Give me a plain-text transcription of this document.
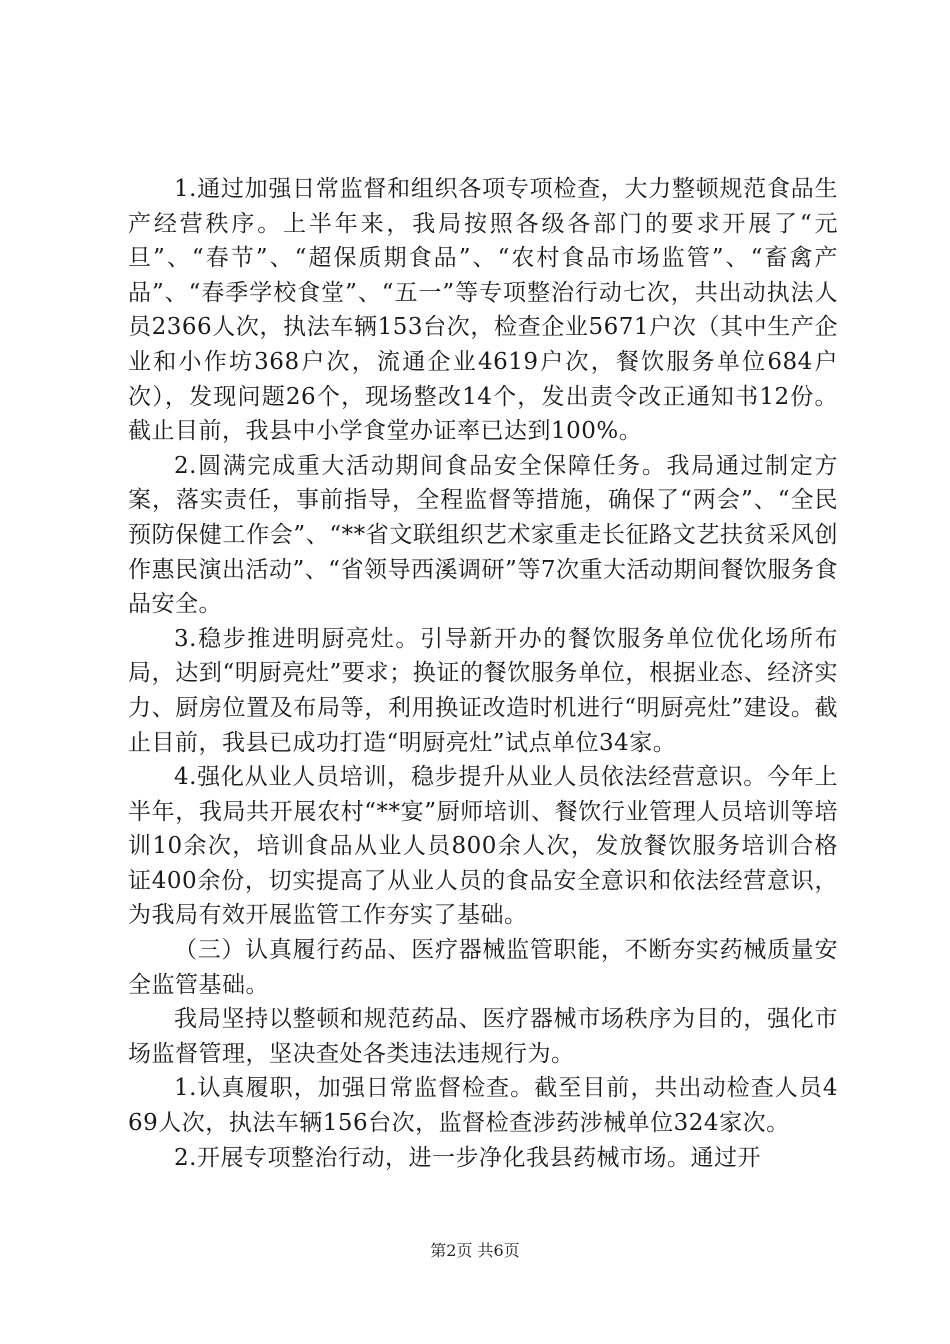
1.通过加强日常监督和组织各项专项检查，大力整顿规范食品生产经营秩序。上半年来，我局按照各级各部门的要求开展了“元旦”、“春节”、“超保质期食品”、“农村食品市场监管”、“畜禽产品”、“春季学校食堂”、“五一”等专项整治行动七次，共出动执法人员2366人次，执法车辆153台次，检查企业5671户次（其中生产企业和小作坊368户次，流通企业4619户次，餐饮服务单位684户次），发现问题26个，现场整改14个，发出责令改正通知书12份。截止目前，我县中小学食堂办证率已达到100%。

2.圆满完成重大活动期间食品安全保障任务。我局通过制定方案，落实责任，事前指导，全程监督等措施，确保了“两会”、“全民预防保健工作会”、“**省文联组织艺术家重走长征路文艺扶贫采风创作惠民演出活动”、“省领导西溪调研”等7次重大活动期间餐饮服务食品安全。

3.稳步推进明厨亮灶。引导新开办的餐饮服务单位优化场所布局，达到“明厨亮灶”要求；换证的餐饮服务单位，根据业态、经济实力、厨房位置及布局等，利用换证改造时机进行“明厨亮灶”建设。截止目前，我县已成功打造“明厨亮灶”试点单位34家。

4.强化从业人员培训，稳步提升从业人员依法经营意识。今年上半年，我局共开展农村“**宴”厨师培训、餐饮行业管理人员培训等培训10余次，培训食品从业人员800余人次，发放餐饮服务培训合格证400余份，切实提高了从业人员的食品安全意识和依法经营意识，为我局有效开展监管工作夯实了基础。

（三）认真履行药品、医疗器械监管职能，不断夯实药械质量安全监管基础。

我局坚持以整顿和规范药品、医疗器械市场秩序为目的，强化市场监督管理，坚决查处各类违法违规行为。

1.认真履职，加强日常监督检查。截至目前，共出动检查人员469人次，执法车辆156台次，监督检查涉药涉械单位324家次。

2.开展专项整治行动，进一步净化我县药械市场。通过开

第2页 共6页
